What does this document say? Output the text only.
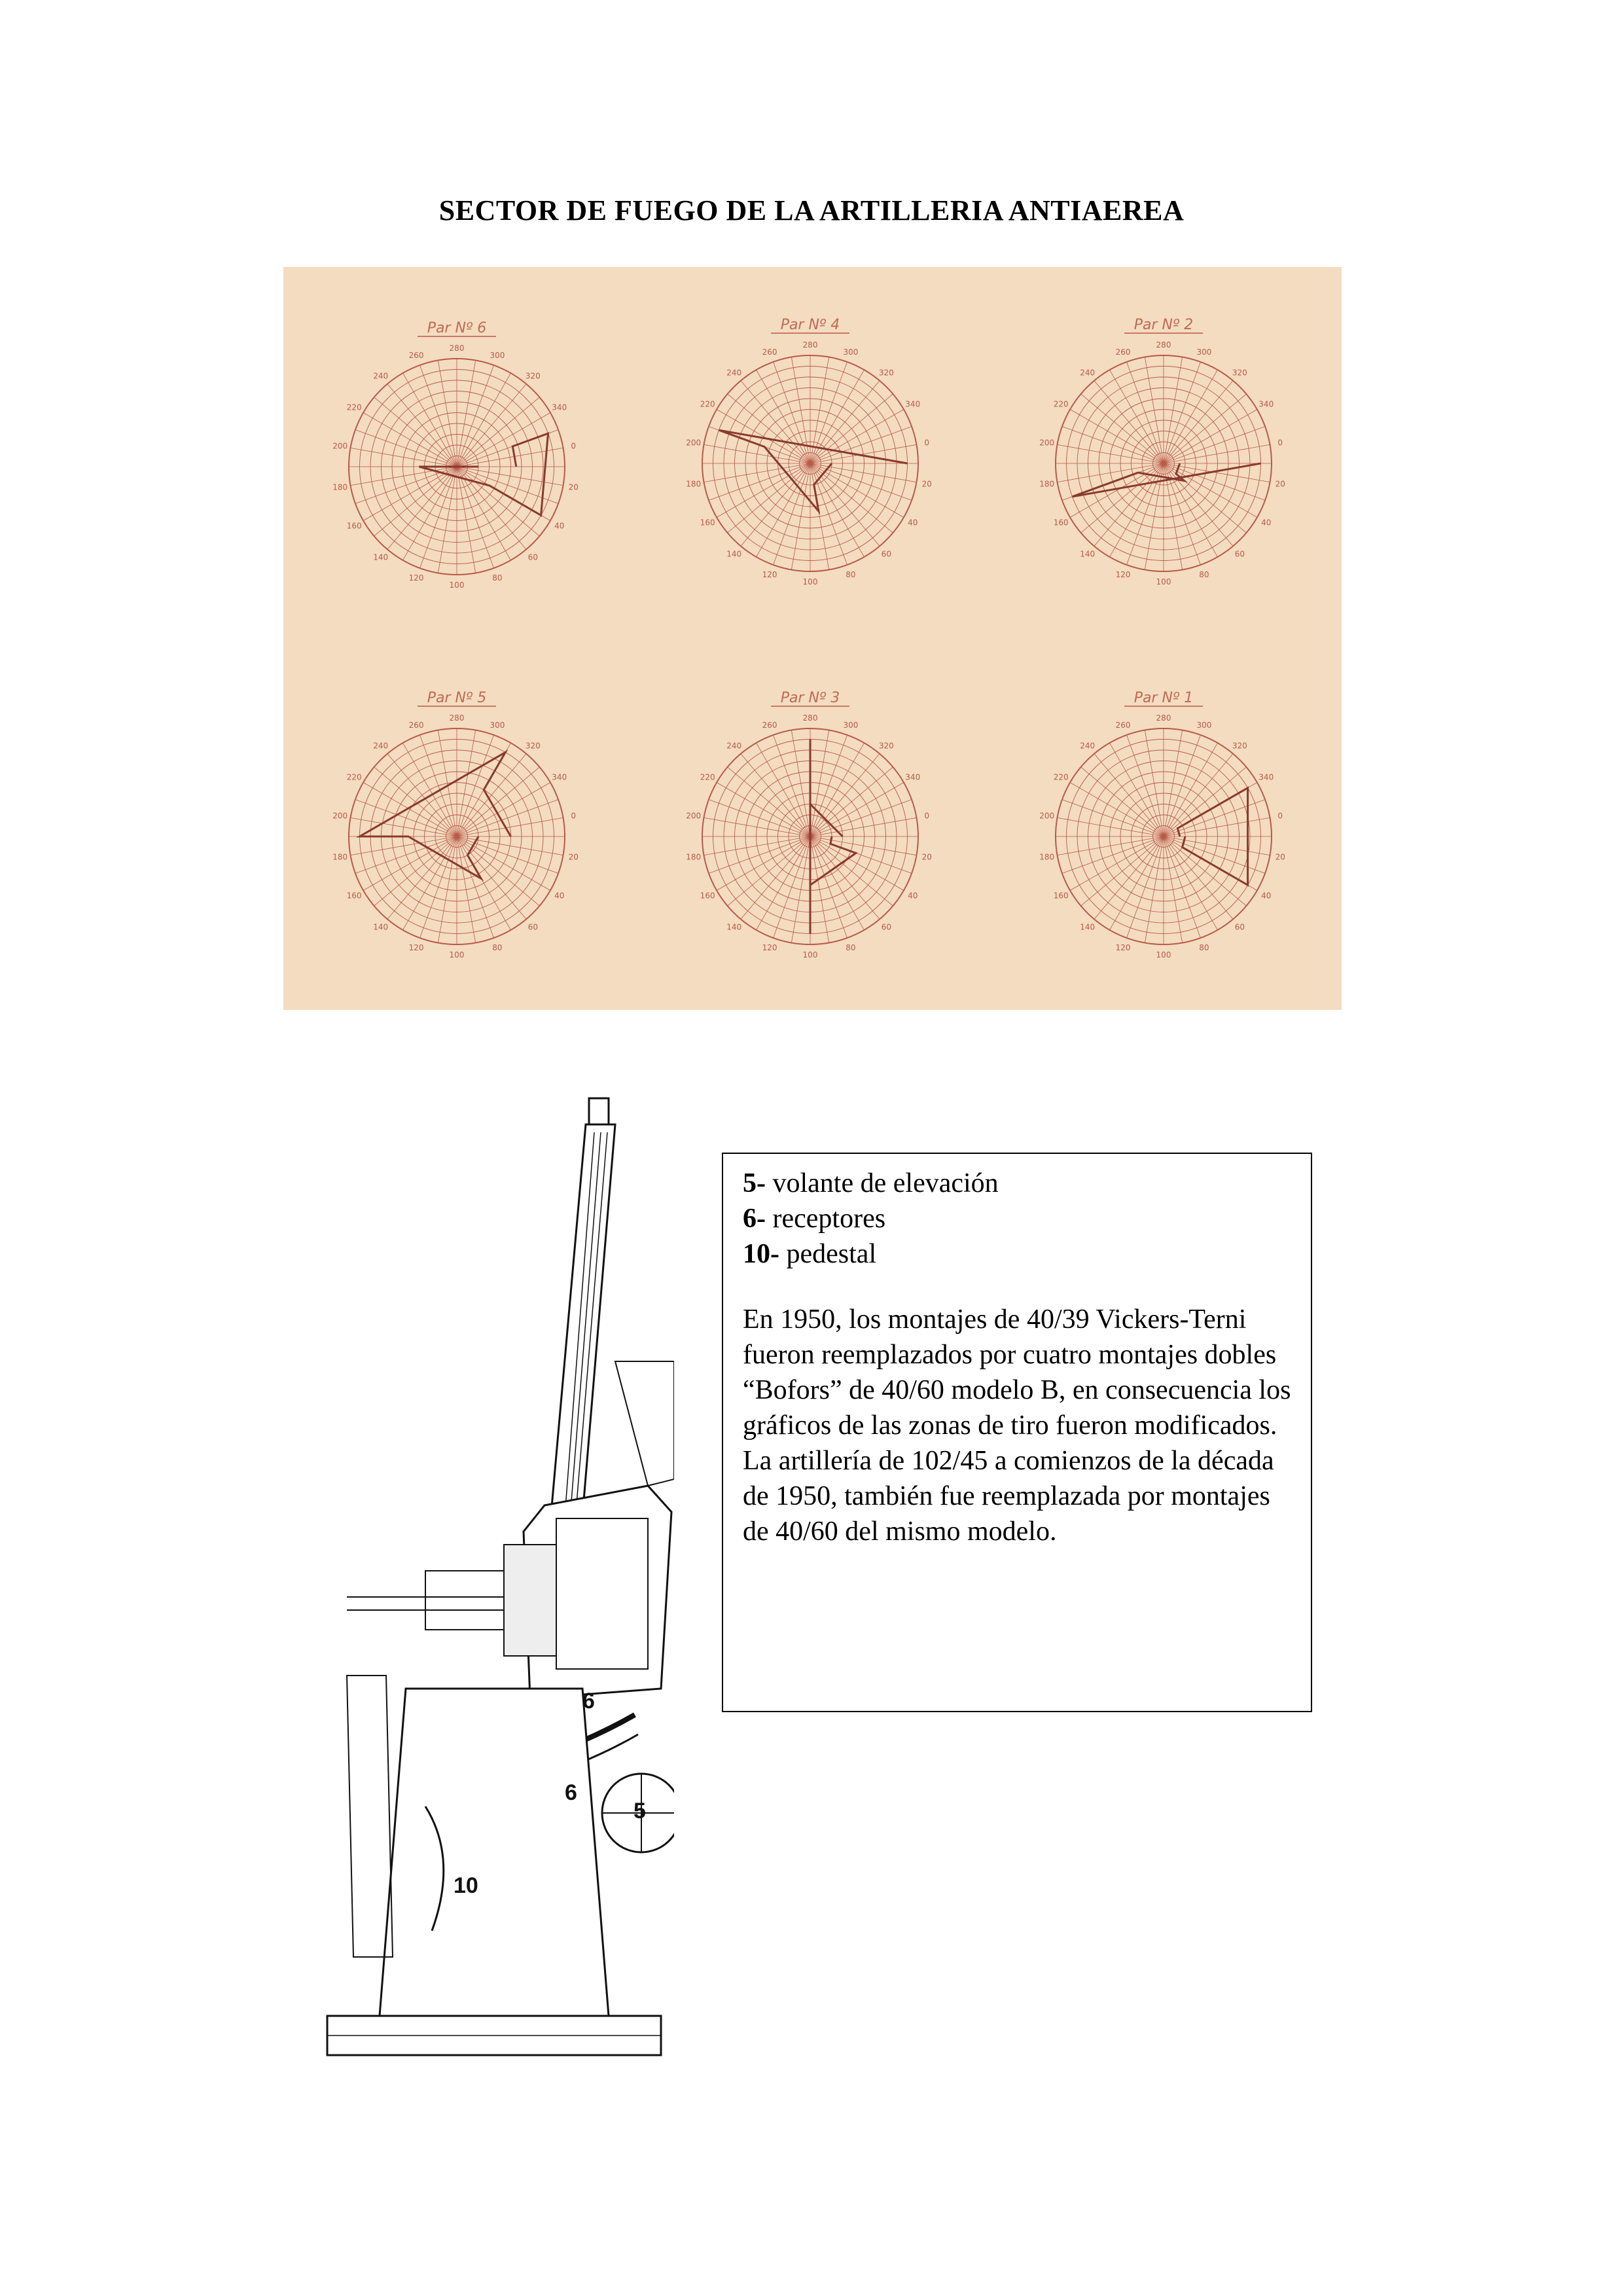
SECTOR DE FUEGO DE LA ARTILLERIA ANTIAEREA
280
260
240
220
200
180
160
140
120
100
80
60
40
20
0
340
320
300
Par Nº 6
280
260
240
220
200
180
160
140
120
100
80
60
40
20
0
340
320
300
Par Nº 4
280
260
240
220
200
180
160
140
120
100
80
60
40
20
0
340
320
300
Par Nº 2
280
260
240
220
200
180
160
140
120
100
80
60
40
20
0
340
320
300
Par Nº 5
280
260
240
220
200
180
160
140
120
100
80
60
40
20
0
340
320
300
Par Nº 3
280
260
240
220
200
180
160
140
120
100
80
60
40
20
0
340
320
300
Par Nº 1
6
6
5
10
5- volante de elevación
6- receptores
10- pedestal
En 1950, los montajes de 40/39 Vickers-Terni fueron reemplazados por cuatro montajes dobles “Bofors” de 40/60 modelo B, en consecuencia los gráficos de las zonas de tiro fueron modificados. La artillería de 102/45 a comienzos de la década de 1950, también fue reemplazada por montajes de 40/60 del mismo modelo.
